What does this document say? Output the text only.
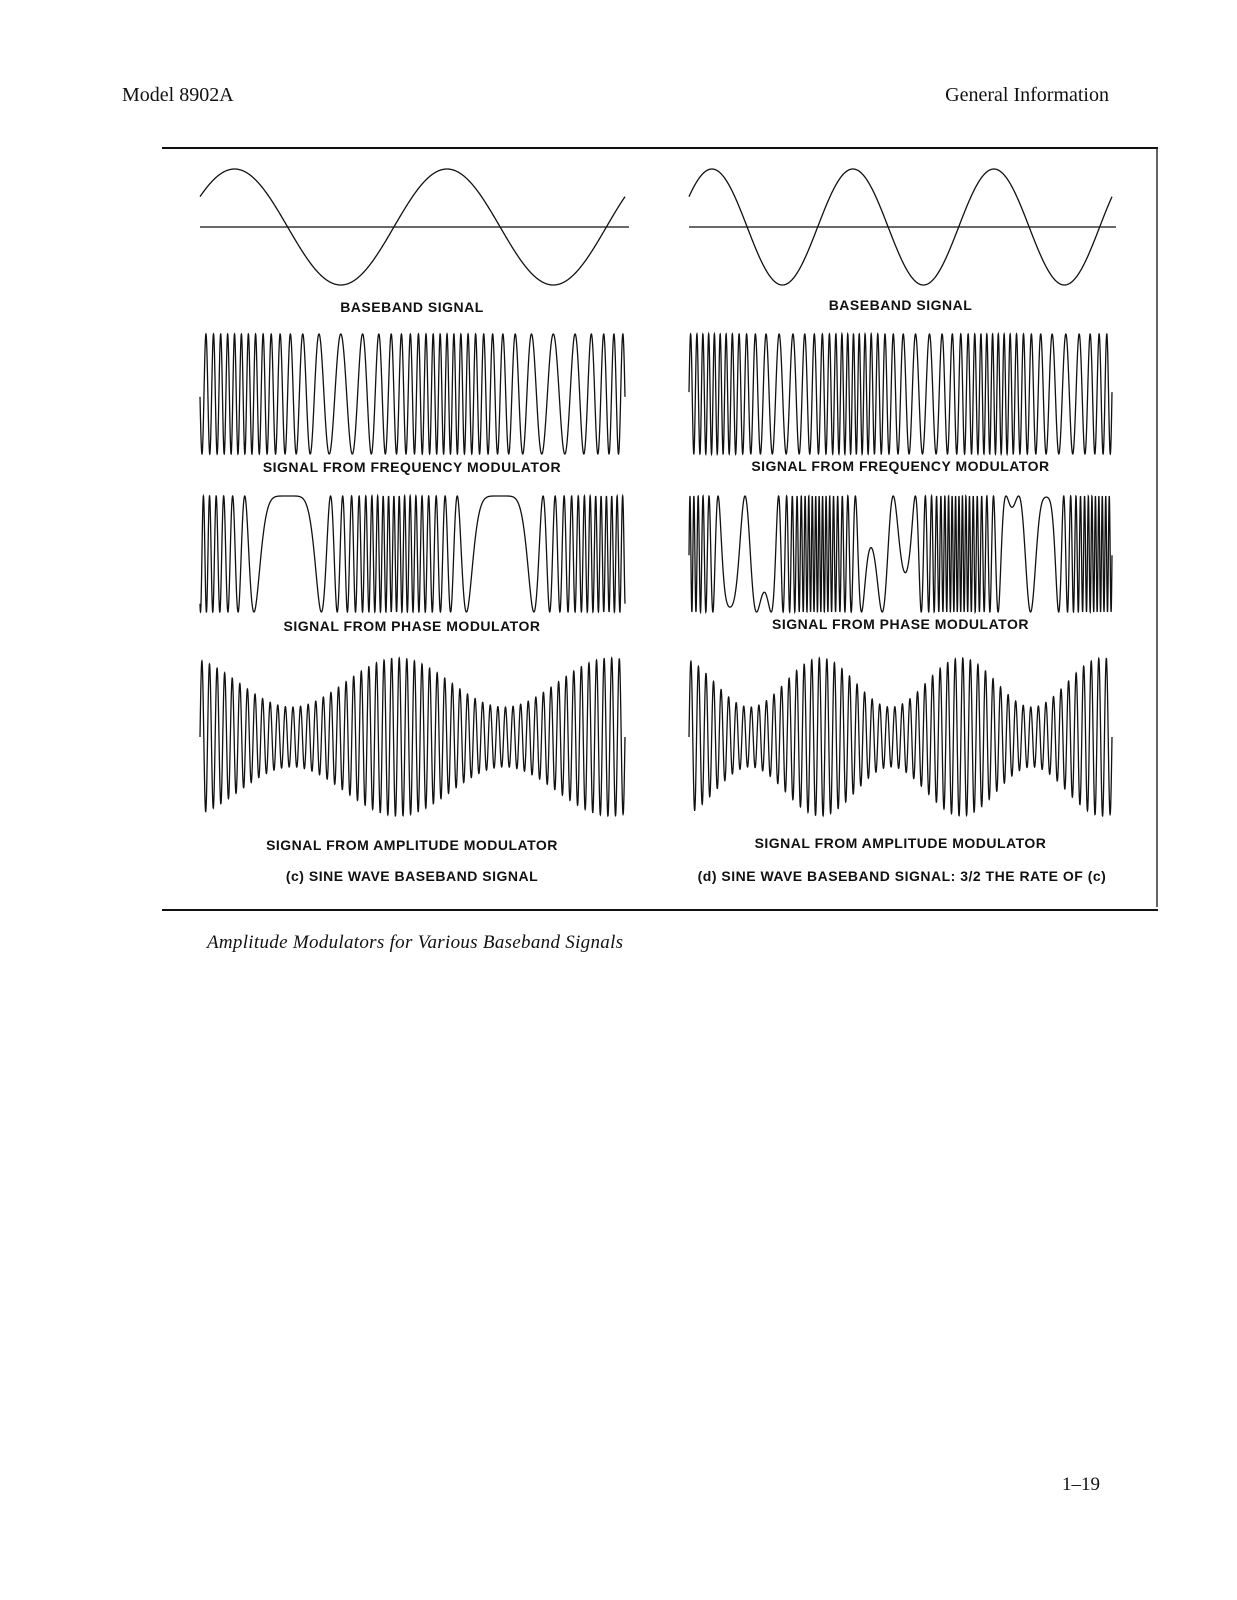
Model 8902A	General Information
BASEBAND SIGNAL
SIGNAL FROM FREQUENCY MODULATOR
SIGNAL FROM PHASE MODULATOR
SIGNAL FROM AMPLITUDE MODULATOR
(c) SINE WAVE BASEBAND SIGNAL
BASEBAND SIGNAL
SIGNAL FROM FREQUENCY MODULATOR
SIGNAL FROM PHASE MODULATOR
SIGNAL FROM AMPLITUDE MODULATOR
(d) SINE WAVE BASEBAND SIGNAL: 3/2 THE RATE OF (c)
Amplitude Modulators for Various Baseband Signals
1–19
